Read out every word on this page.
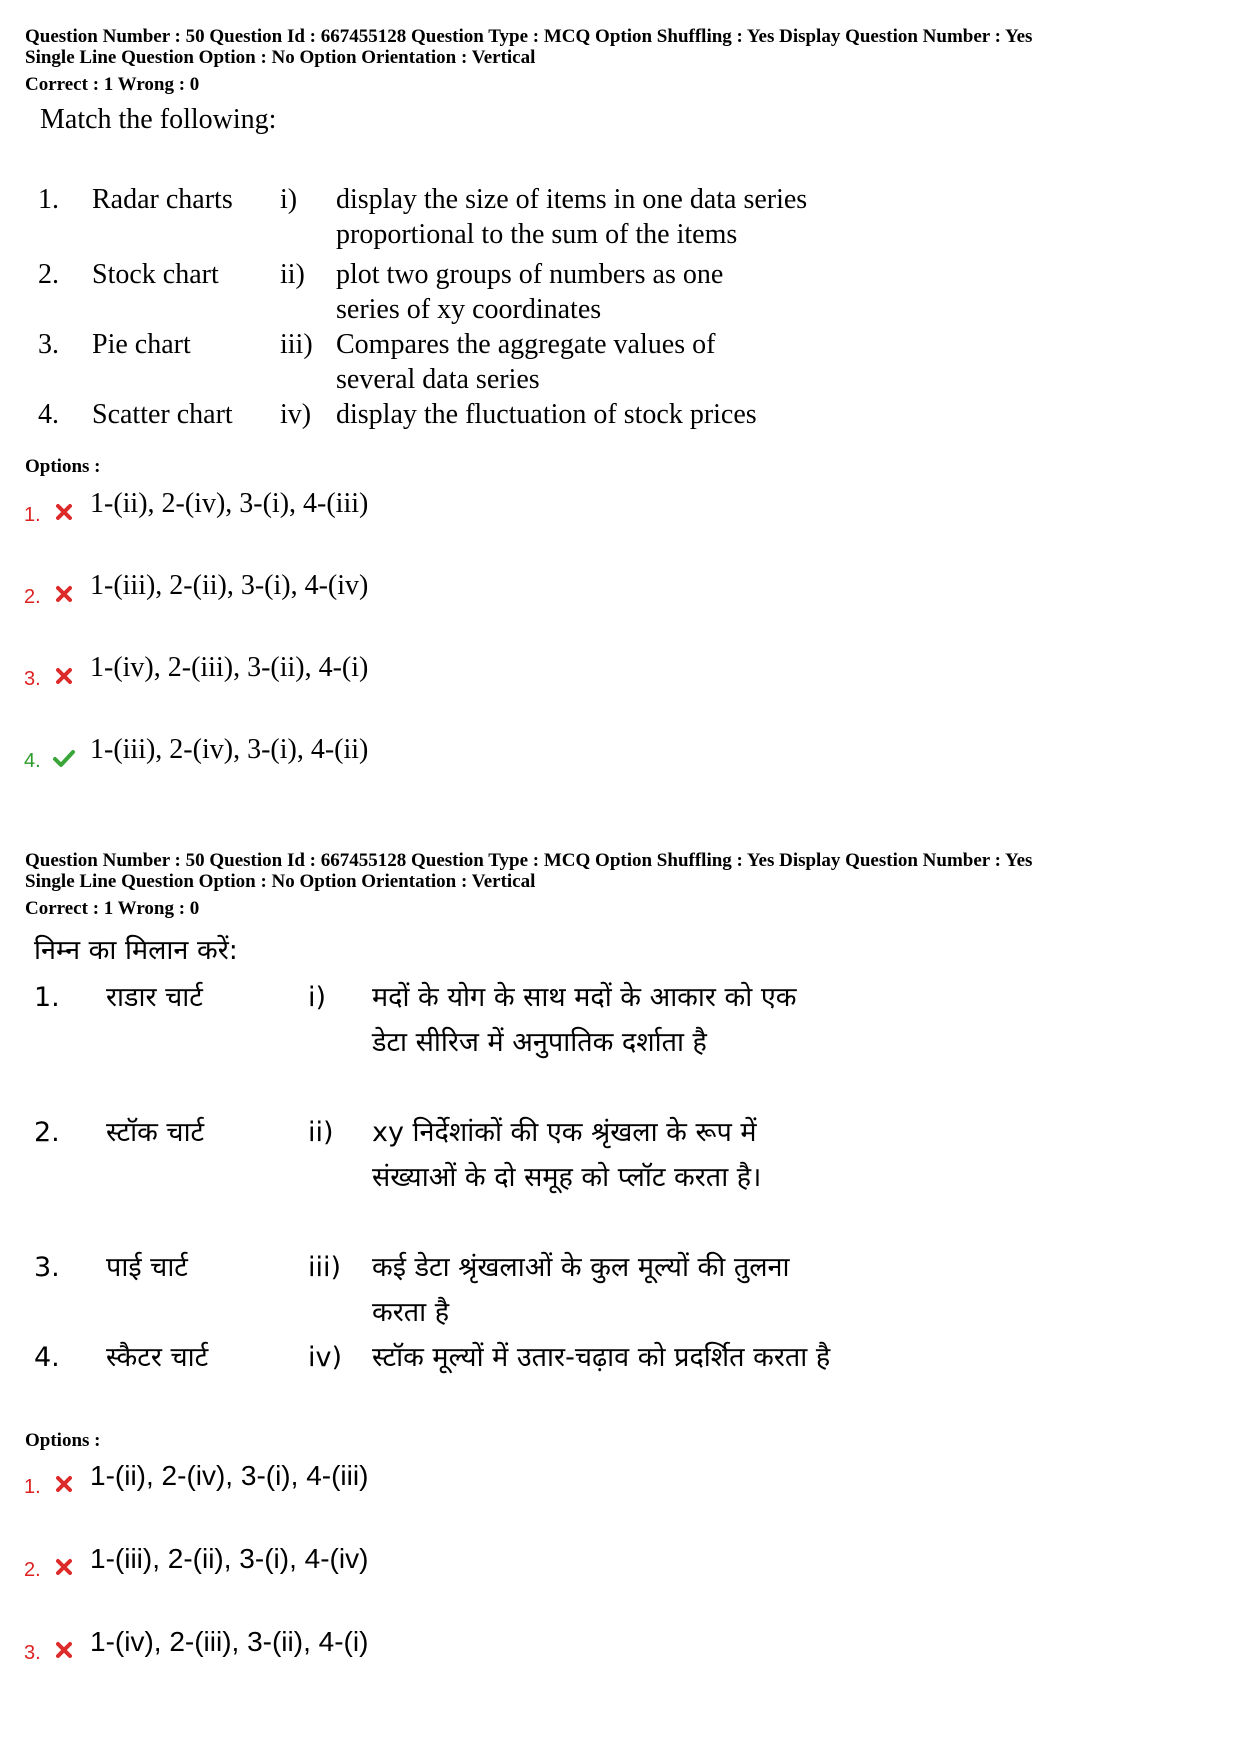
Question Number : 50 Question Id : 667455128 Question Type : MCQ Option Shuffling : Yes Display Question Number : Yes
Single Line Question Option : No Option Orientation : Vertical
Correct : 1 Wrong : 0
Match the following:
1. Radar charts i) display the size of items in one data series proportional to the sum of the items
2. Stock chart ii) plot two groups of numbers as one series of xy coordinates
3. Pie chart	iii) Compares the aggregate values of several data series
4. Scatter chart iv) display the fluctuation of stock prices
Options :
1. 1-(ii), 2-(iv), 3-(i), 4-(iii)
2. 1-(iii), 2-(ii), 3-(i), 4-(iv)
3. 1-(iv), 2-(iii), 3-(ii), 4-(i)
4. 1-(iii), 2-(iv), 3-(i), 4-(ii)
Question Number : 50 Question Id : 667455128 Question Type : MCQ Option Shuffling : Yes Display Question Number : Yes
Single Line Question Option : No Option Orientation : Vertical
Correct : 1 Wrong : 0
निम्न का मिलान करें:
1. राडार चार्ट	i) मदों के योग के साथ मदों के आकार को एक डेटा सीरिज में अनुपातिक दर्शाता है
2. स्टॉक चार्ट	ii) xy निर्देशांकों की एक श्रृंखला के रूप में संख्याओं के दो समूह को प्लॉट करता है।
3. पाई चार्ट	iii) कई डेटा श्रृंखलाओं के कुल मूल्यों की तुलना करता है
4. स्कैटर चार्ट	iv) स्टॉक मूल्यों में उतार-चढ़ाव को प्रदर्शित करता है
Options :
1. 1-(ii), 2-(iv), 3-(i), 4-(iii)
2. 1-(iii), 2-(ii), 3-(i), 4-(iv)
3. 1-(iv), 2-(iii), 3-(ii), 4-(i)
